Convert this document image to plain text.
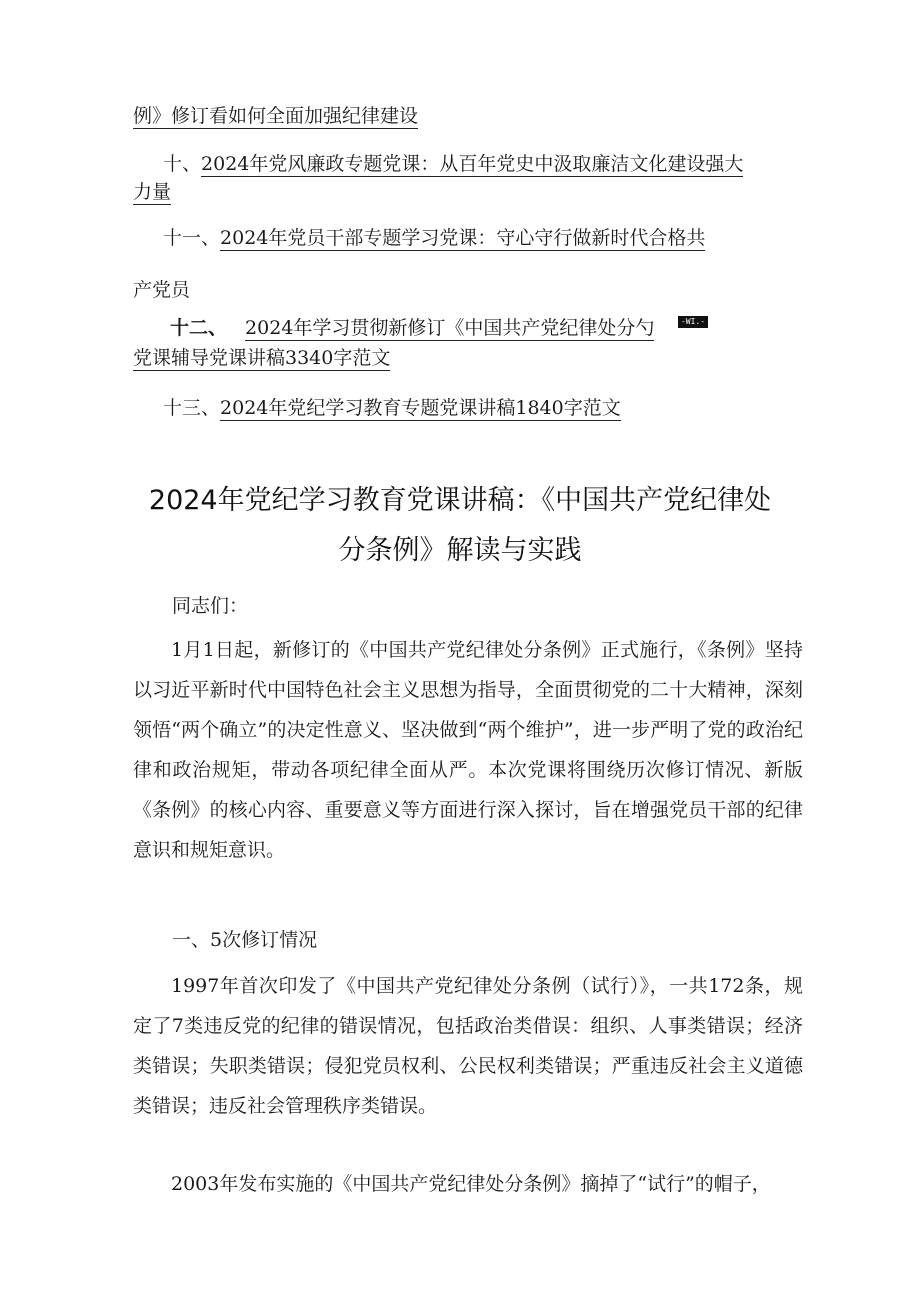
例》修订看如何全面加强纪律建设
十、2024年党风廉政专题党课：从百年党史中汲取廉洁文化建设强大
力量
十一、2024年党员干部专题学习党课：守心守行做新时代合格共
产党员
十二、 2024年学习贯彻新修订《中国共产党纪律处分勺	-WI.-
党课辅导党课讲稿3340字范文
十三、2024年党纪学习教育专题党课讲稿1840字范文
2024年党纪学习教育党课讲稿：《中国共产党纪律处
分条例》解读与实践
同志们：
1月1日起，新修订的《中国共产党纪律处分条例》正式施行，《条例》坚持以习近平新时代中国特色社会主义思想为指导，全面贯彻党的二十大精神，深刻领悟“两个确立”的决定性意义、坚决做到“两个维护”，进一步严明了党的政治纪律和政治规矩，带动各项纪律全面从严。本次党课将围绕历次修订情况、新版《条例》的核心内容、重要意义等方面进行深入探讨，旨在增强党员干部的纪律意识和规矩意识。
一、5次修订情况
1997年首次印发了《中国共产党纪律处分条例（试行）》，一共172条，规定了7类违反党的纪律的错误情况，包括政治类借误：组织、人事类错误；经济类错误；失职类错误；侵犯党员权利、公民权利类错误；严重违反社会主义道德类错误；违反社会管理秩序类错误。
2003年发布实施的《中国共产党纪律处分条例》摘掉了“试行”的帽子，
